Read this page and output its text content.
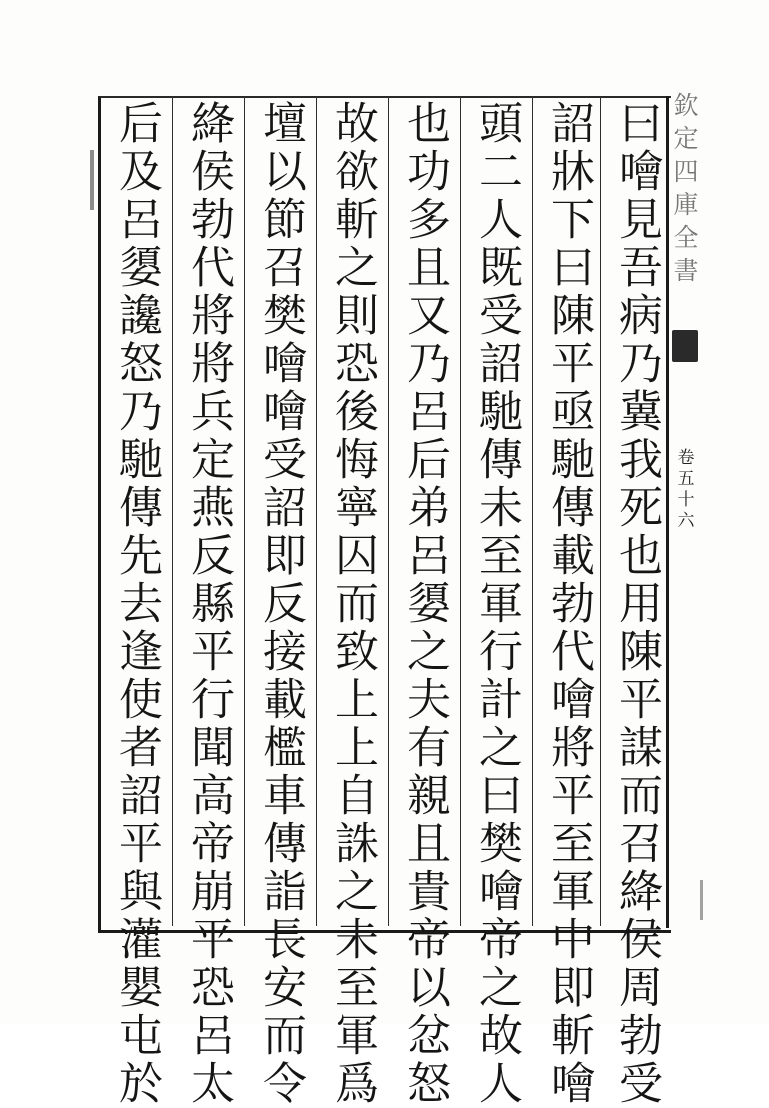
曰噲見吾病乃冀我死也用陳平謀而召絳侯周勃受
詔牀下曰陳平亟馳傳載勃代噲將平至軍中即斬噲
頭二人既受詔馳傳未至軍行計之曰樊噲帝之故人
也功多且又乃呂后弟呂嬃之夫有親且貴帝以忿怒
故欲斬之則恐後悔寧囚而致上上自誅之未至軍爲
壇以節召樊噲噲受詔即反接載檻車傳詣長安而令
絳侯勃代將將兵定燕反縣平行聞高帝崩平恐呂太
后及呂嬃讒怒乃馳傳先去逢使者詔平與灌嬰屯於	欽定四庫全書
卷五十六
